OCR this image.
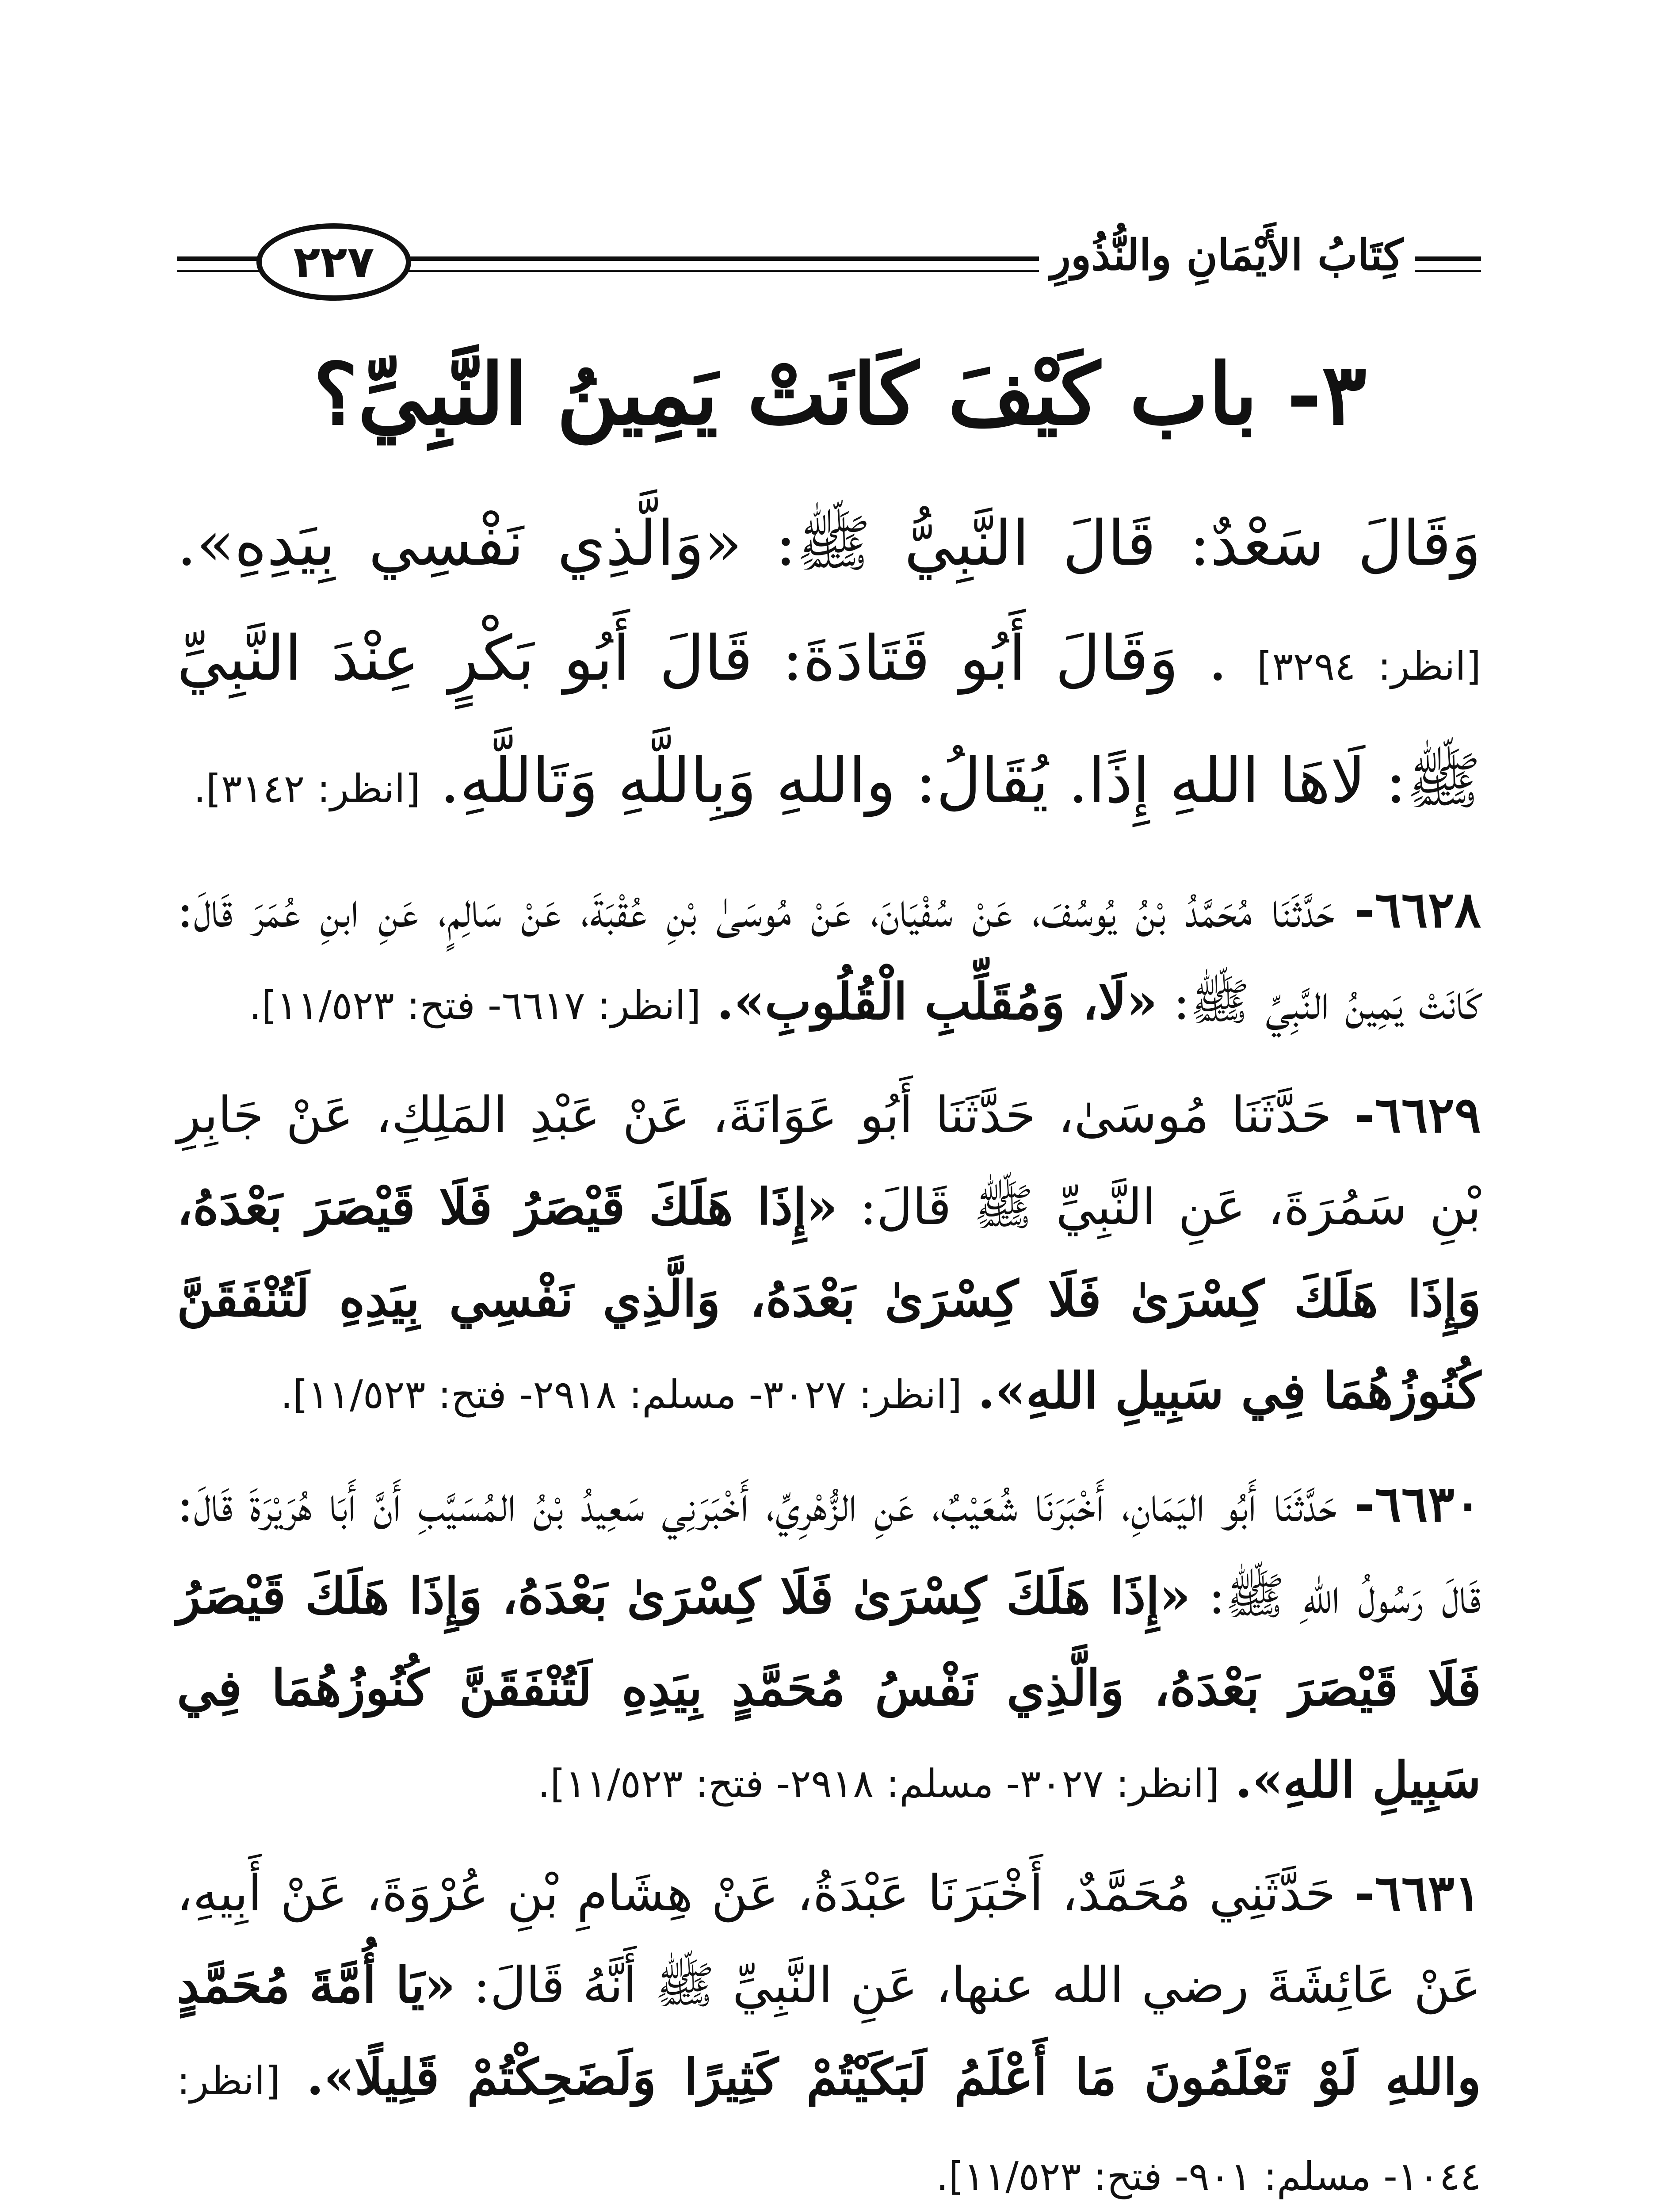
٢٢٧	كِتَابُ الأَيْمَانِ والنُّذُورِ
٣- باب كَيْفَ كَانَتْ يَمِينُ النَّبِيِّ؟

وَقَالَ سَعْدٌ: قَالَ النَّبِيُّ ﷺ: «وَالَّذِي نَفْسِي بِيَدِهِ». [انظر: ٣٢٩٤] . وَقَالَ أَبُو قَتَادَةَ: قَالَ أَبُو بَكْرٍ عِنْدَ النَّبِيِّ ﷺ: لَاهَا اللهِ إِذًا. يُقَالُ: واللهِ وَبِاللَّهِ وَتَاللَّهِ. [انظر: ٣١٤٢].

٦٦٢٨- حَدَّثَنَا مُحَمَّدُ بْنُ يُوسُفَ، عَنْ سُفْيَانَ، عَنْ مُوسَىٰ بْنِ عُقْبَةَ، عَنْ سَالِمٍ، عَنِ ابنِ عُمَرَ قَالَ: كَانَتْ يَمِينُ النَّبِيِّ ﷺ: «لَا، وَمُقَلِّبِ الْقُلُوبِ». [انظر: ٦٦١٧- فتح: ١١/٥٢٣].

٦٦٢٩- حَدَّثَنَا مُوسَىٰ، حَدَّثَنَا أَبُو عَوَانَةَ، عَنْ عَبْدِ المَلِكِ، عَنْ جَابِرِ بْنِ سَمُرَةَ، عَنِ النَّبِيِّ ﷺ قَالَ: «إِذَا هَلَكَ قَيْصَرُ فَلَا قَيْصَرَ بَعْدَهُ، وَإِذَا هَلَكَ كِسْرَىٰ فَلَا كِسْرَىٰ بَعْدَهُ، وَالَّذِي نَفْسِي بِيَدِهِ لَتُنْفَقَنَّ كُنُوزُهُمَا فِي سَبِيلِ اللهِ». [انظر: ٣٠٢٧- مسلم: ٢٩١٨- فتح: ١١/٥٢٣].

٦٦٣٠- حَدَّثَنَا أَبُو اليَمَانِ، أَخْبَرَنَا شُعَيْبٌ، عَنِ الزُّهْرِيِّ، أَخْبَرَنِي سَعِيدُ بْنُ المُسَيَّبِ أَنَّ أَبَا هُرَيْرَةَ قَالَ: قَالَ رَسُولُ اللهِ ﷺ: «إِذَا هَلَكَ كِسْرَىٰ فَلَا كِسْرَىٰ بَعْدَهُ، وَإِذَا هَلَكَ قَيْصَرُ فَلَا قَيْصَرَ بَعْدَهُ، وَالَّذِي نَفْسُ مُحَمَّدٍ بِيَدِهِ لَتُنْفَقَنَّ كُنُوزُهُمَا فِي سَبِيلِ اللهِ». [انظر: ٣٠٢٧- مسلم: ٢٩١٨- فتح: ١١/٥٢٣].

٦٦٣١- حَدَّثَنِي مُحَمَّدٌ، أَخْبَرَنَا عَبْدَةُ، عَنْ هِشَامِ بْنِ عُرْوَةَ، عَنْ أَبِيهِ، عَنْ عَائِشَةَ رضي الله عنها، عَنِ النَّبِيِّ ﷺ أَنَّهُ قَالَ: «يَا أُمَّةَ مُحَمَّدٍ واللهِ لَوْ تَعْلَمُونَ مَا أَعْلَمُ لَبَكَيْتُمْ كَثِيرًا وَلَضَحِكْتُمْ قَلِيلًا». [انظر: ١٠٤٤- مسلم: ٩٠١- فتح: ١١/٥٢٣].
